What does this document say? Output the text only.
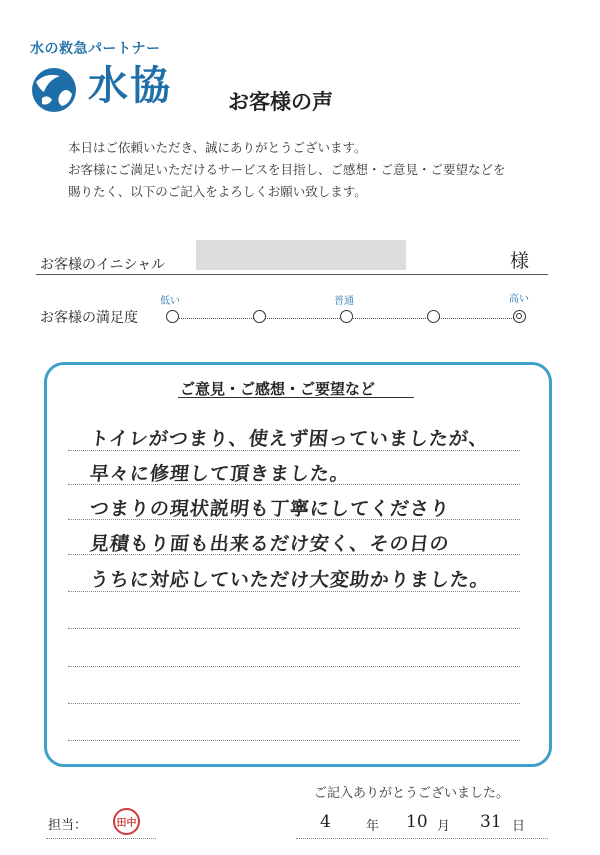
水の救急パートナー
水協	お客様の声

本日はご依頼いただき、誠にありがとうございます。

お客様にご満足いただけるサービスを目指し、ご感想・ご意見・ご要望などを

賜りたく、以下のご記入をよろしくお願い致します。

お客様のイニシャル	様
お客様の満足度
低い	普通	高い
ご意見・ご感想・ご要望など
トイレがつまり、使えず困っていましたが、
早々に修理して頂きました。
つまりの現状説明も丁寧にしてくださり
見積もり面も出来るだけ安く、その日の
うちに対応していただけ大変助かりました。
ご記入ありがとうございました。
担当：	田中	4	年 10 月 31 日
